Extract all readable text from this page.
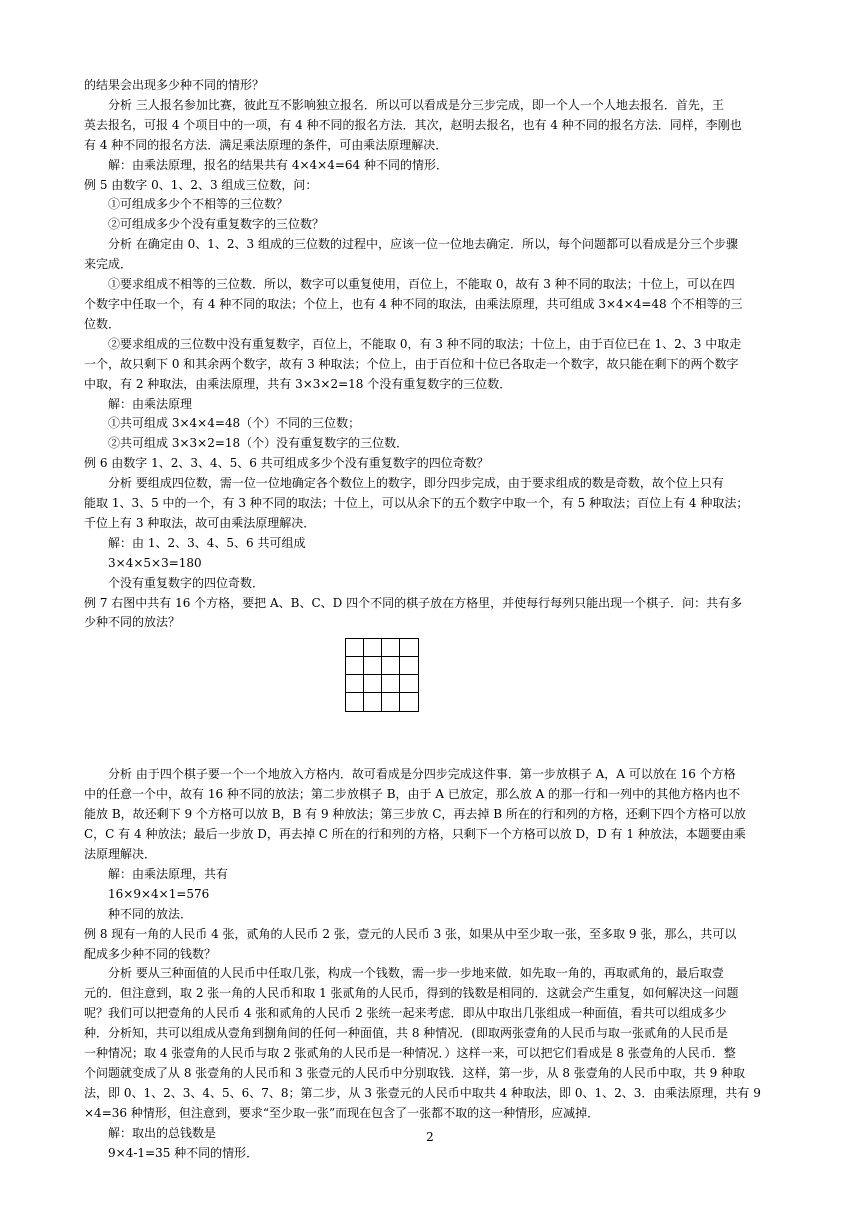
的结果会出现多少种不同的情形？
分析 三人报名参加比赛，彼此互不影响独立报名．所以可以看成是分三步完成，即一个人一个人地去报名．首先，王
英去报名，可报 4 个项目中的一项，有 4 种不同的报名方法．其次，赵明去报名，也有 4 种不同的报名方法．同样，李刚也
有 4 种不同的报名方法．满足乘法原理的条件，可由乘法原理解决．
解：由乘法原理，报名的结果共有 4×4×4=64 种不同的情形．
例 5 由数字 0、1、2、3 组成三位数，问：
①可组成多少个不相等的三位数？
②可组成多少个没有重复数字的三位数？
分析 在确定由 0、1、2、3 组成的三位数的过程中，应该一位一位地去确定．所以，每个问题都可以看成是分三个步骤
来完成．
①要求组成不相等的三位数．所以，数字可以重复使用，百位上，不能取 0，故有 3 种不同的取法；十位上，可以在四
个数字中任取一个，有 4 种不同的取法；个位上，也有 4 种不同的取法，由乘法原理，共可组成 3×4×4=48 个不相等的三
位数．
②要求组成的三位数中没有重复数字，百位上，不能取 0，有 3 种不同的取法；十位上，由于百位已在 1、2、3 中取走
一个，故只剩下 0 和其余两个数字，故有 3 种取法；个位上，由于百位和十位已各取走一个数字，故只能在剩下的两个数字
中取，有 2 种取法，由乘法原理，共有 3×3×2=18 个没有重复数字的三位数．
解：由乘法原理
①共可组成 3×4×4=48（个）不同的三位数；
②共可组成 3×3×2=18（个）没有重复数字的三位数．
例 6 由数字 1、2、3、4、5、6 共可组成多少个没有重复数字的四位奇数？
分析 要组成四位数，需一位一位地确定各个数位上的数字，即分四步完成，由于要求组成的数是奇数，故个位上只有
能取 1、3、5 中的一个，有 3 种不同的取法；十位上，可以从余下的五个数字中取一个，有 5 种取法；百位上有 4 种取法；
千位上有 3 种取法，故可由乘法原理解决．
解：由 1、2、3、4、5、6 共可组成
3×4×5×3=180
个没有重复数字的四位奇数．
例 7 右图中共有 16 个方格，要把 A、B、C、D 四个不同的棋子放在方格里，并使每行每列只能出现一个棋子．问：共有多
少种不同的放法？
分析 由于四个棋子要一个一个地放入方格内．故可看成是分四步完成这件事．第一步放棋子 A，A 可以放在 16 个方格
中的任意一个中，故有 16 种不同的放法；第二步放棋子 B，由于 A 已放定，那么放 A 的那一行和一列中的其他方格内也不
能放 B，故还剩下 9 个方格可以放 B，B 有 9 种放法；第三步放 C，再去掉 B 所在的行和列的方格，还剩下四个方格可以放
C，C 有 4 种放法；最后一步放 D，再去掉 C 所在的行和列的方格，只剩下一个方格可以放 D，D 有 1 种放法，本题要由乘
法原理解决．
解：由乘法原理，共有
16×9×4×1=576
种不同的放法．
例 8 现有一角的人民币 4 张，贰角的人民币 2 张，壹元的人民币 3 张，如果从中至少取一张，至多取 9 张，那么，共可以
配成多少种不同的钱数？
分析 要从三种面值的人民币中任取几张，构成一个钱数，需一步一步地来做．如先取一角的，再取贰角的，最后取壹
元的．但注意到，取 2 张一角的人民币和取 1 张贰角的人民币，得到的钱数是相同的．这就会产生重复，如何解决这一问题
呢？我们可以把壹角的人民币 4 张和贰角的人民币 2 张统一起来考虑．即从中取出几张组成一种面值，看共可以组成多少
种．分析知，共可以组成从壹角到捌角间的任何一种面值，共 8 种情况．(即取两张壹角的人民币与取一张贰角的人民币是
一种情况；取 4 张壹角的人民币与取 2 张贰角的人民币是一种情况．）这样一来，可以把它们看成是 8 张壹角的人民币．整
个问题就变成了从 8 张壹角的人民币和 3 张壹元的人民币中分别取钱．这样，第一步，从 8 张壹角的人民币中取，共 9 种取
法，即 0、1、2、3、4、5、6、7、8；第二步，从 3 张壹元的人民币中取共 4 种取法，即 0、1、2、3．由乘法原理，共有 9
×4=36 种情形，但注意到，要求“至少取一张”而现在包含了一张都不取的这一种情形，应减掉．
解：取出的总钱数是
9×4-1=35 种不同的情形．
2
